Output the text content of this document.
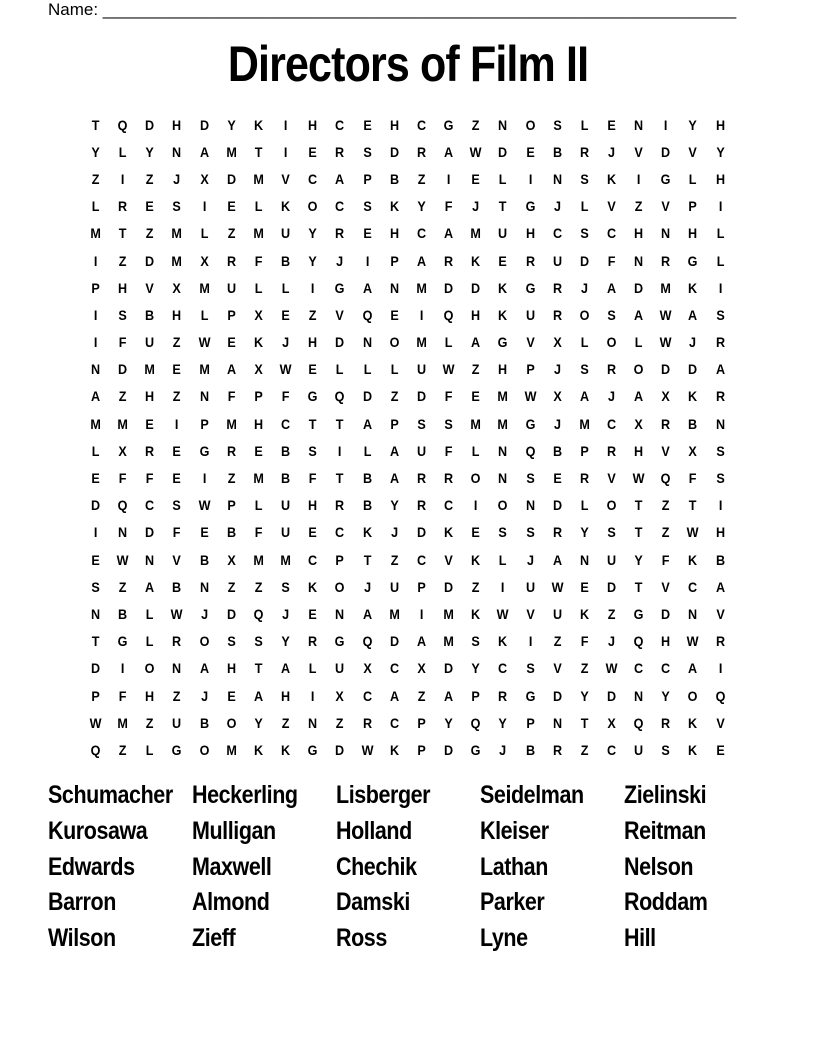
Name: ___________________________________________________________________
Directors of Film II
T	Q	D	H	D	Y	K	I	H	C	E	H	C	G	Z	N	O	S	L	E	N	I	Y	H
Y	L	Y	N	A	M	T	I	E	R	S	D	R	A	W	D	E	B	R	J	V	D	V	Y
Z	I	Z	J	X	D	M	V	C	A	P	B	Z	I	E	L	I	N	S	K	I	G	L	H
L	R	E	S	I	E	L	K	O	C	S	K	Y	F	J	T	G	J	L	V	Z	V	P	I
M	T	Z	M	L	Z	M	U	Y	R	E	H	C	A	M	U	H	C	S	C	H	N	H	L
I	Z	D	M	X	R	F	B	Y	J	I	P	A	R	K	E	R	U	D	F	N	R	G	L
P	H	V	X	M	U	L	L	I	G	A	N	M	D	D	K	G	R	J	A	D	M	K	I
I	S	B	H	L	P	X	E	Z	V	Q	E	I	Q	H	K	U	R	O	S	A	W	A	S
I	F	U	Z	W	E	K	J	H	D	N	O	M	L	A	G	V	X	L	O	L	W	J	R
N	D	M	E	M	A	X	W	E	L	L	L	U	W	Z	H	P	J	S	R	O	D	D	A
A	Z	H	Z	N	F	P	F	G	Q	D	Z	D	F	E	M	W	X	A	J	A	X	K	R
M	M	E	I	P	M	H	C	T	T	A	P	S	S	M	M	G	J	M	C	X	R	B	N
L	X	R	E	G	R	E	B	S	I	L	A	U	F	L	N	Q	B	P	R	H	V	X	S
E	F	F	E	I	Z	M	B	F	T	B	A	R	R	O	N	S	E	R	V	W	Q	F	S
D	Q	C	S	W	P	L	U	H	R	B	Y	R	C	I	O	N	D	L	O	T	Z	T	I
I	N	D	F	E	B	F	U	E	C	K	J	D	K	E	S	S	R	Y	S	T	Z	W	H
E	W	N	V	B	X	M	M	C	P	T	Z	C	V	K	L	J	A	N	U	Y	F	K	B
S	Z	A	B	N	Z	Z	S	K	O	J	U	P	D	Z	I	U	W	E	D	T	V	C	A
N	B	L	W	J	D	Q	J	E	N	A	M	I	M	K	W	V	U	K	Z	G	D	N	V
T	G	L	R	O	S	S	Y	R	G	Q	D	A	M	S	K	I	Z	F	J	Q	H	W	R
D	I	O	N	A	H	T	A	L	U	X	C	X	D	Y	C	S	V	Z	W	C	C	A	I
P	F	H	Z	J	E	A	H	I	X	C	A	Z	A	P	R	G	D	Y	D	N	Y	O	Q
W	M	Z	U	B	O	Y	Z	N	Z	R	C	P	Y	Q	Y	P	N	T	X	Q	R	K	V
Q	Z	L	G	O	M	K	K	G	D	W	K	P	D	G	J	B	R	Z	C	U	S	K	E
Schumacher Heckerling	Lisberger	Seidelman	Zielinski
Kurosawa	Mulligan	Holland	Kleiser	Reitman
Edwards	Maxwell	Chechik	Lathan	Nelson
Barron	Almond	Damski	Parker	Roddam
Wilson	Zieff	Ross	Lyne	Hill
